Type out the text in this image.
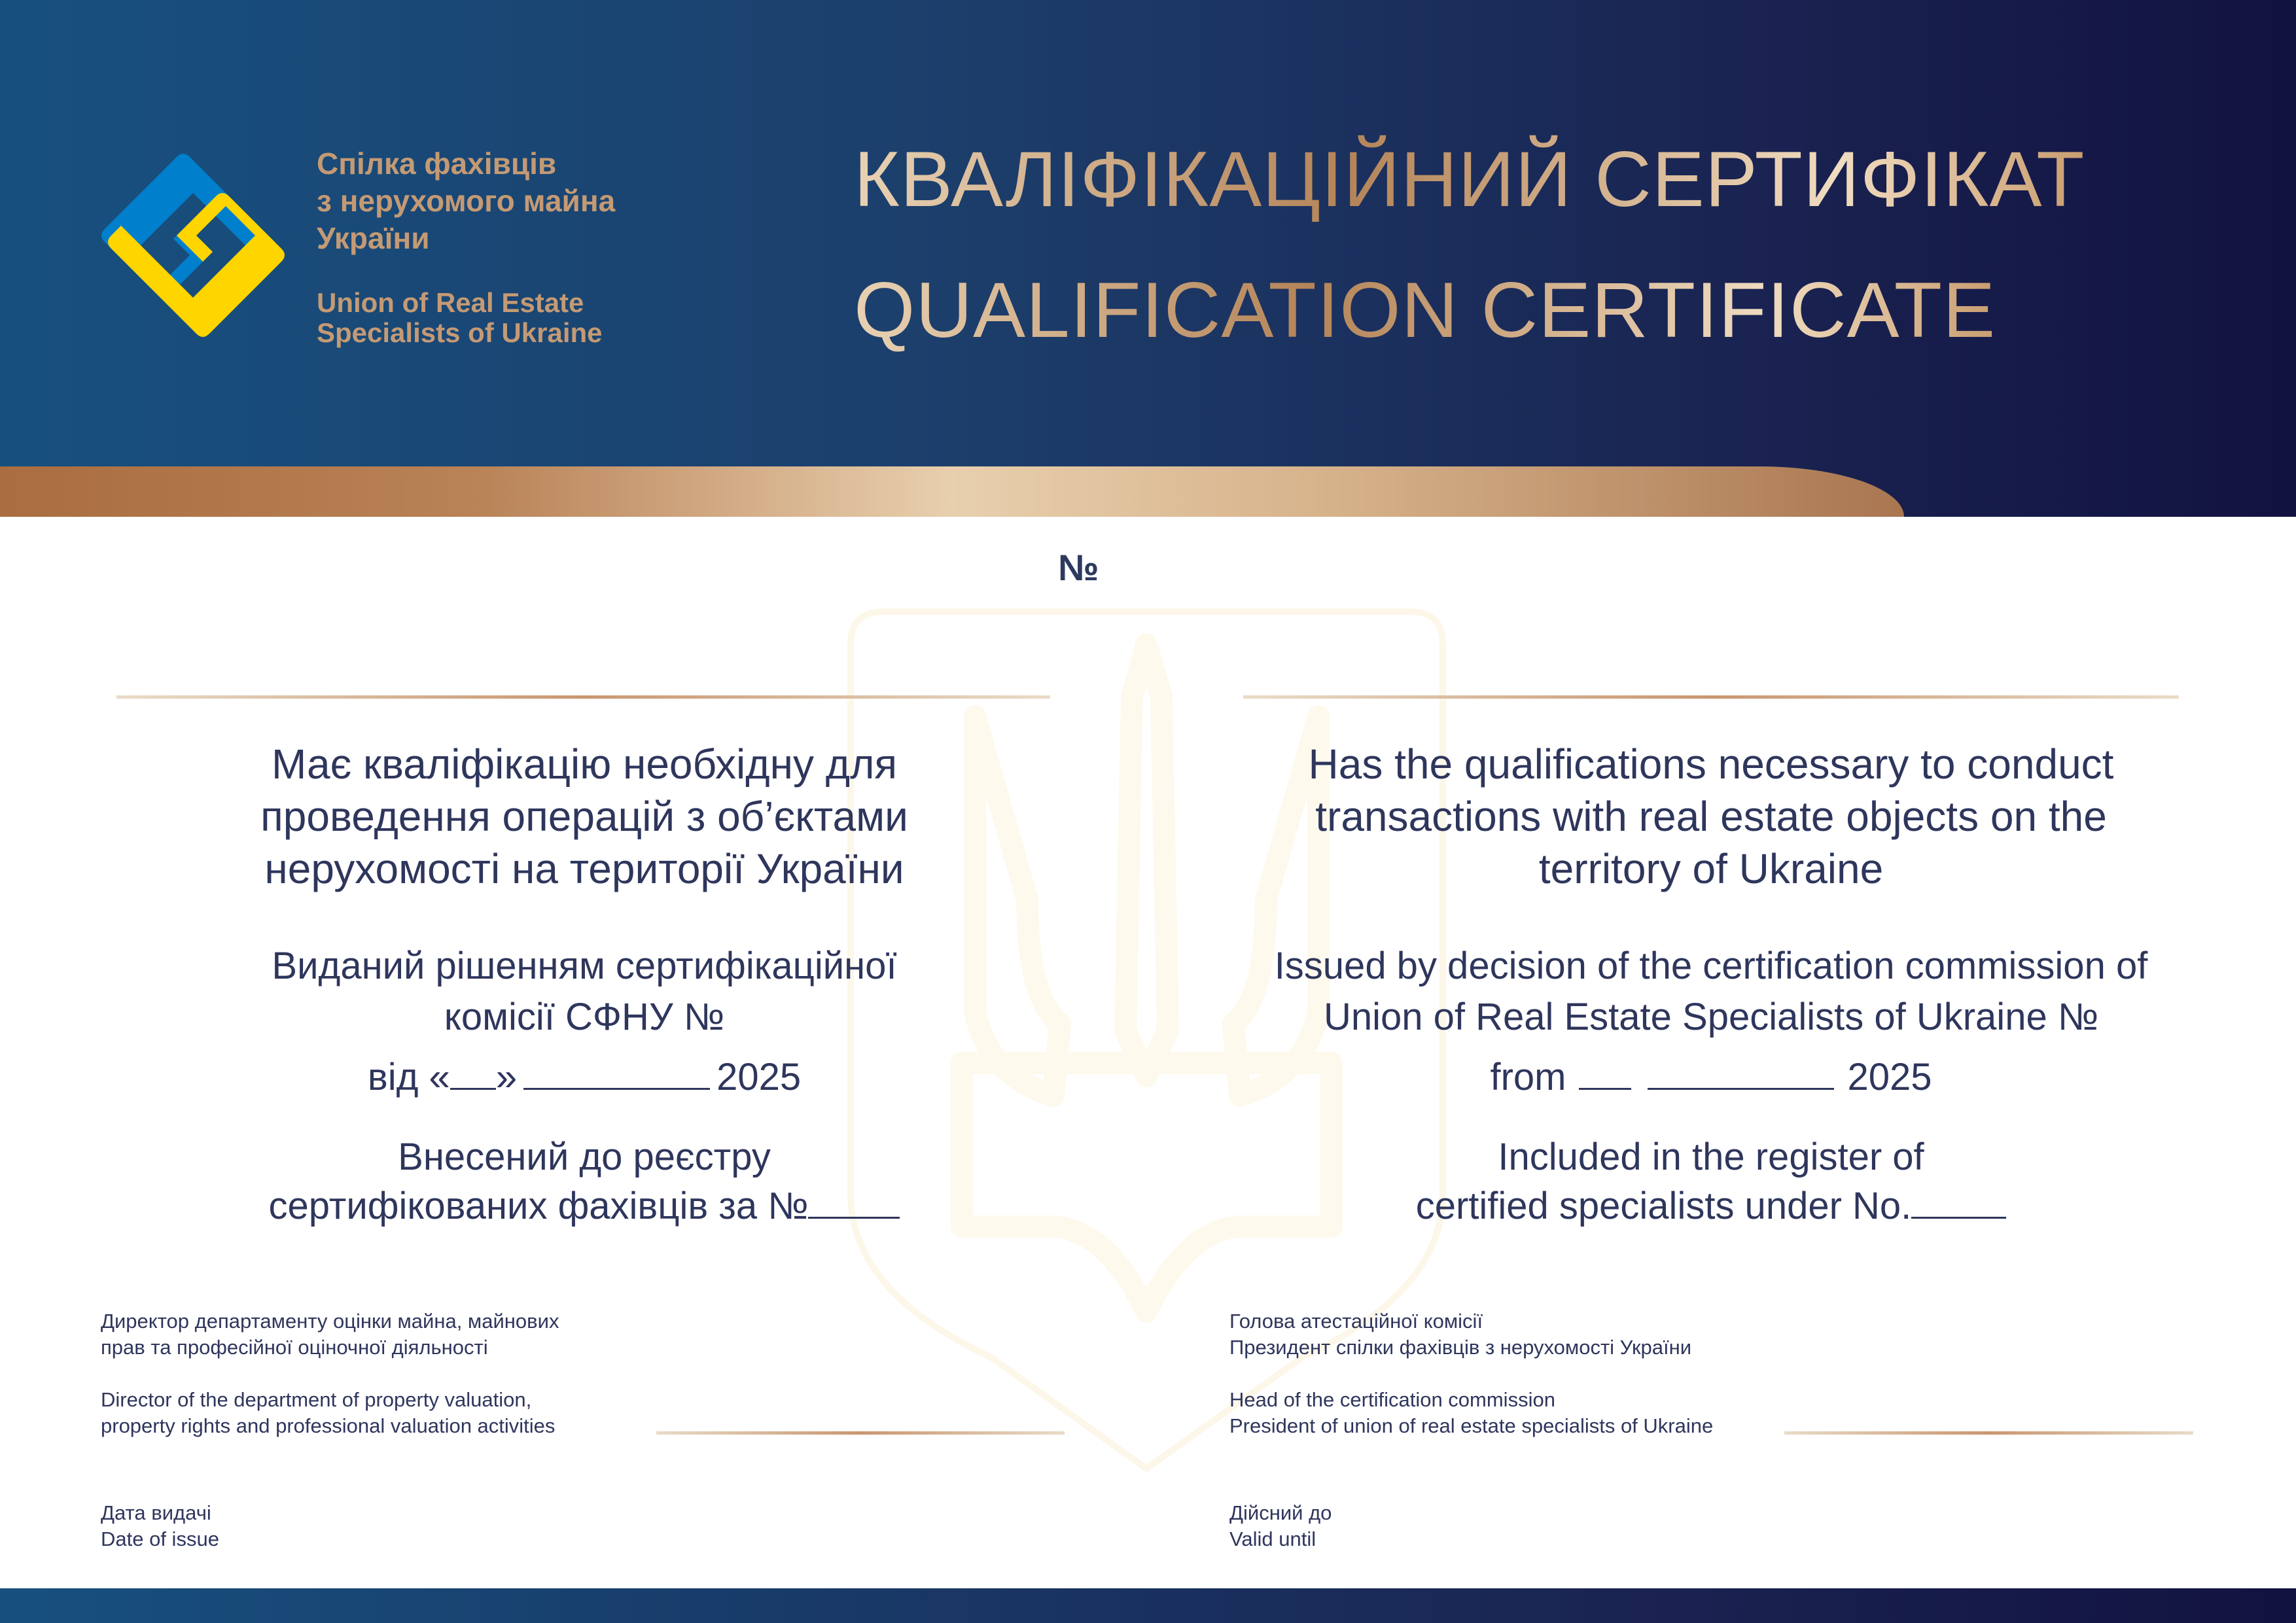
Спілка фахівців
з нерухомого майна
України
Union of Real Estate
Specialists of Ukraine
КВАЛІФІКАЦІЙНИЙ СЕРТИФІКАТ
QUALIFICATION CERTIFICATE
№
Має кваліфікацію необхідну для
проведення операцій з об’єктами
нерухомості на території України
Виданий рішенням сертифікаційної
комісії СФНУ №
від « »	2025
Внесений до реєстру
сертифікованих фахівців за №
Has the qualifications necessary to conduct
transactions with real estate objects on the
territory of Ukraine
Issued by decision of the certification commission of
Union of Real Estate Specialists of Ukraine №
from	2025
Included in the register of
certified specialists under No.
Директор департаменту оцінки майна, майнових
прав та професійної оціночної діяльності
Director of the department of property valuation,
property rights and professional valuation activities
Голова атестаційної комісії
Президент спілки фахівців з нерухомості України
Head of the certification commission
President of union of real estate specialists of Ukraine
Дата видачі
Date of issue
Дійсний до
Valid until
